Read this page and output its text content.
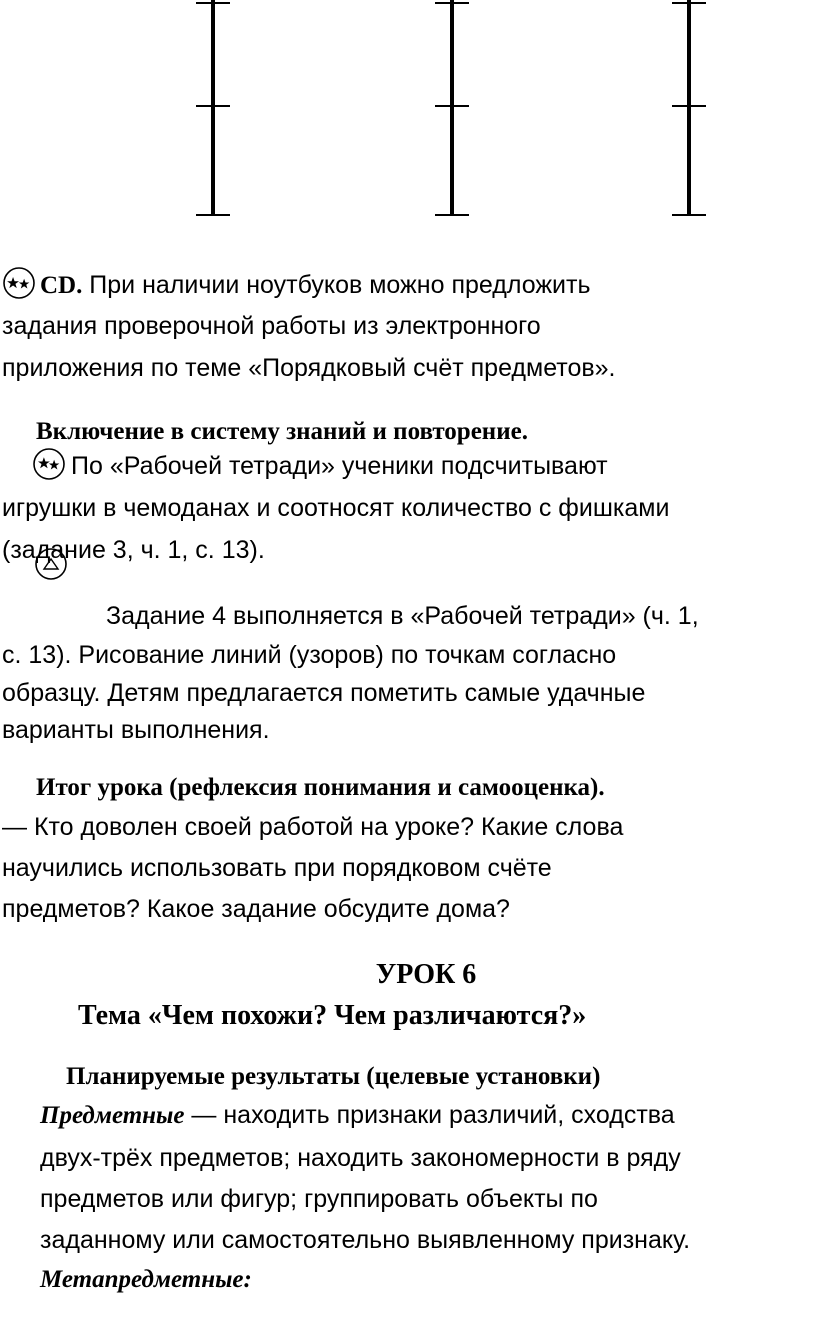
CD. При наличии ноутбуков можно предложить
задания проверочной работы из электронного
приложения по теме «Порядковый счёт предметов».
Включение в систему знаний и повторение.
По «Рабочей тетради» ученики подсчитывают
игрушки в чемоданах и соотносят количество с фишками
(задание 3, ч. 1, с. 13).
Задание 4 выполняется в «Рабочей тетради» (ч. 1,
с. 13). Рисование линий (узоров) по точкам согласно
образцу. Детям предлагается пометить самые удачные
варианты выполнения.
Итог урока (рефлексия понимания и самооценка).
— Кто доволен своей работой на уроке? Какие слова
научились использовать при порядковом счёте
предметов? Какое задание обсудите дома?
УРОК 6
Тема «Чем похожи? Чем различаются?»
Планируемые результаты (целевые установки)
Предметные — находить признаки различий, сходства
двух-трёх предметов; находить закономерности в ряду
предметов или фигур; группировать объекты по
заданному или самостоятельно выявленному признаку.
Метапредметные:
